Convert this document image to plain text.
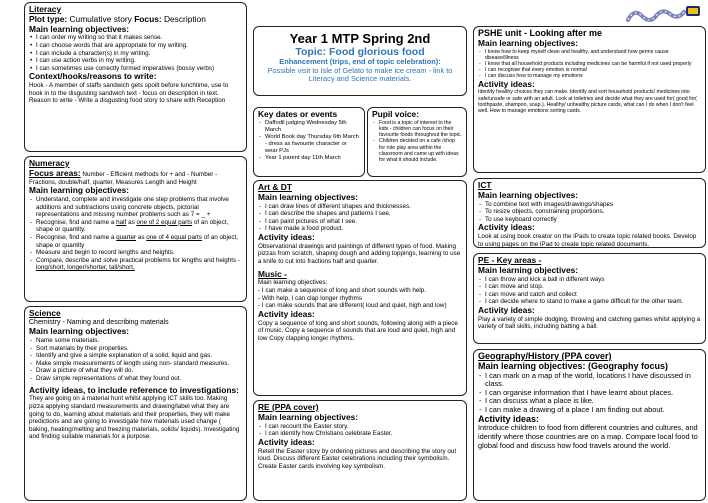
Literacy
Plot type: Cumulative story Focus: Description
Main learning objectives:
• I can order my writing so that it makes sense.
• I can choose words that are appropriate for my writing.
• I can include a character(s) in my writing.
• I can use action verbs in my writing.
• I can sometimes use correctly formed imperatives (bossy verbs)
Context/hooks/reasons to write:
Hook - A member of staffs sandwich gets spoilt before lunchtime, use to hook in to the disgusting sandwich text - focus on description in text. Reason to write - Write a disgusting food story to share with Reception
Numeracy
Focus areas: Number - Efficient methods for + and - Number - Fractions, double/half, quarter, Measures Length and Height
Main learning objectives:
- Understand, complete and investigate one step problems that involve additions and subtractions using concrete objects, pictorial representations and missing number problems such as 7 = _ +
- Recognise, find and name a half as one of 2 equal parts of an object, shape or quantity.
- Recognise, find and name a quarter as one of 4 equal parts of an object, shape or quantity
- Measure and begin to record lengths and heights.
- Compare, describe and solve practical problems for lengths and heights - long/short, longer/shorter, tall/short,
Science
Chemistry - Naming and describing materials
Main learning objectives:
- Name some materials.
- Sort materials by their properties.
- Identify and give a simple explanation of a solid, liquid and gas.
- Make simple measurements of length using non- standard measures.
- Draw a picture of what they will do.
- Draw simple representations of what they found out.
Activity ideas, to include reference to investigations:
They are going on a material hunt whilst applying ICT skills too. Making pizza applying standard measurements and drawing/label what they are going to do, learning about materials and their properties, they will make predictions and are going to investigate how materials used change ( baking, heating/melting and freezing materials, solids/ liquids). Investigating and finding suitable materials for a purpose.
Year 1 MTP Spring 2nd
Topic: Food glorious food
Enhancement (trips, end of topic celebration):
Possible visit to Isle of Gelato to make ice cream - link to Literacy and Science materials.
Key dates or events
- Daffodil judging Wednesday 5th March
- World Book day Thursday 6th March - dress as favourite character or wear PJs
- Year 1 parent day 11th March
Pupil voice:
- Food is a topic of interest to the kids - children can focus on their favourite foods throughout the topic.
- Children decided on a cafe /shop for role play area within the classroom and came up with ideas for what it should include.
Art & DT
Main learning objectives:
- I can draw lines of different shapes and thicknesses.
- I can describe the shapes and patterns I see.
- I can paint pictures of what I see.
- I have made a food product.
Activity ideas:
Observational drawings and paintings of different types of food. Making pizzas from scratch, shaping dough and adding toppings, learning to use a knife to cut into fractions half and quarter.
Music -
Main learning objectives:
- I can make a sequence of long and short sounds with help.
- With help, I can clap longer rhythms
- I can make sounds that are different( loud and quiet, high and low)
Activity ideas:
Copy a sequence of long and short sounds, following along with a piece of music. Copy a sequence of sounds that are loud and quiet, high and low Copy clapping longer rhythms.
RE (PPA cover)
Main learning objectives:
- I can recount the Easter story.
- I can identify how Christians celebrate Easter.
Activity ideas:
Retell the Easter story by ordering pictures and describing the story out loud. Discuss different Easter celebrations including their symbolism. Create Easter cards involving key symbolism.
PSHE unit - Looking after me
Main learning objectives:
- I know how to keep myself clean and healthy, and understand how germs cause disease/illness
- I know that all household products including medicines can be harmful if not used properly
- I can recognise that every emotion is normal
- I can discuss how to manage my emotions
Activity ideas:
Identify healthy choices they can make. Identify and sort household products/ medicines into safe/unsafe or safe with an adult. Look at toiletries and decide what they are used for( good for( toothpaste, shampoo, soap.). Healthy/ unhealthy picture cards, what can I do when I don't feel well. How to manage emotions sorting cards.
ICT
Main learning objectives:
- To combine text with images/drawings/shapes
- To resize objects, constraining proportions.
- To use keyboard correctly
Activity ideas:
Look at using book creator on the iPads to create topic related books. Develop to using pages on the iPad to create topic related documents.
PE - Key areas -
Main learning objectives:
- I can throw and kick a ball in different ways
- I can move and stop.
- I can move and catch and collect
- I can decide where to stand to make a game difficult for the other team.
Activity ideas:
Play a variety of simple dodging, throwing and catching games whilst applying a variety of ball skills, including batting a ball.
Geography/History (PPA cover)
Main learning objectives: (Geography focus)
- I can mark on a map of the world, locations I have discussed in class.
- I can organise information that I have learnt about places.
- I can discuss what a place is like.
- I can make a drawing of a place I am finding out about.
Activity ideas:
Introduce children to food from different countries and cultures, and identify where those countries are on a map. Compare local food to global food and discuss how food travels around the world.
